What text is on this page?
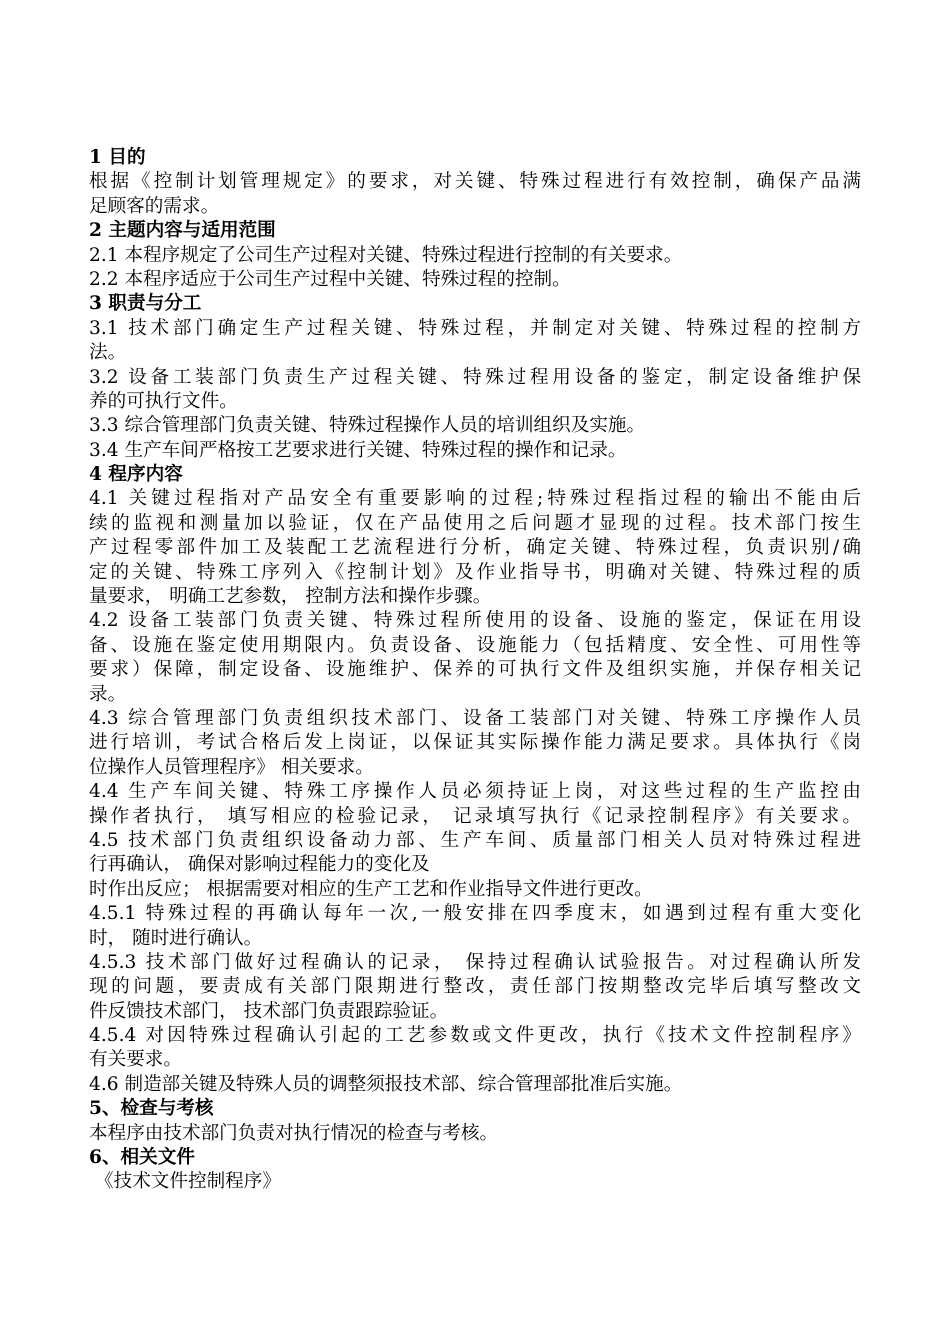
1 目的
根据《控制计划管理规定》的要求，对关键、特殊过程进行有效控制，确保产品满
足顾客的需求。
2 主题内容与适用范围
2.1 本程序规定了公司生产过程对关键、特殊过程进行控制的有关要求。
2.2 本程序适应于公司生产过程中关键、特殊过程的控制。
3 职责与分工
3.1 技术部门确定生产过程关键、特殊过程，并制定对关键、特殊过程的控制方
法。
3.2 设备工装部门负责生产过程关键、特殊过程用设备的鉴定，制定设备维护保
养的可执行文件。
3.3 综合管理部门负责关键、特殊过程操作人员的培训组织及实施。
3.4 生产车间严格按工艺要求进行关键、特殊过程的操作和记录。
4 程序内容
4.1 关键过程指对产品安全有重要影响的过程;特殊过程指过程的输出不能由后
续的监视和测量加以验证，仅在产品使用之后问题才显现的过程。技术部门按生
产过程零部件加工及装配工艺流程进行分析，确定关键、特殊过程，负责识别/确
定的关键、特殊工序列入《控制计划》及作业指导书，明确对关键、特殊过程的质
量要求， 明确工艺参数， 控制方法和操作步骤。
4.2 设备工装部门负责关键、特殊过程所使用的设备、设施的鉴定，保证在用设
备、设施在鉴定使用期限内。负责设备、设施能力（包括精度、安全性、可用性等
要求）保障，制定设备、设施维护、保养的可执行文件及组织实施，并保存相关记
录。
4.3 综合管理部门负责组织技术部门、设备工装部门对关键、特殊工序操作人员
进行培训，考试合格后发上岗证，以保证其实际操作能力满足要求。具体执行《岗
位操作人员管理程序》 相关要求。
4.4 生产车间关键、特殊工序操作人员必须持证上岗，对这些过程的生产监控由
操作者执行， 填写相应的检验记录， 记录填写执行《记录控制程序》有关要求。
4.5 技术部门负责组织设备动力部、生产车间、质量部门相关人员对特殊过程进
行再确认， 确保对影响过程能力的变化及
时作出反应； 根据需要对相应的生产工艺和作业指导文件进行更改。
4.5.1 特殊过程的再确认每年一次,一般安排在四季度末，如遇到过程有重大变化
时， 随时进行确认。
4.5.3 技术部门做好过程确认的记录， 保持过程确认试验报告。对过程确认所发
现的问题，要责成有关部门限期进行整改，责任部门按期整改完毕后填写整改文
件反馈技术部门， 技术部门负责跟踪验证。
4.5.4 对因特殊过程确认引起的工艺参数或文件更改，执行《技术文件控制程序》
有关要求。
4.6 制造部关键及特殊人员的调整须报技术部、综合管理部批准后实施。
5、检查与考核
本程序由技术部门负责对执行情况的检查与考核。
6、相关文件
《技术文件控制程序》
